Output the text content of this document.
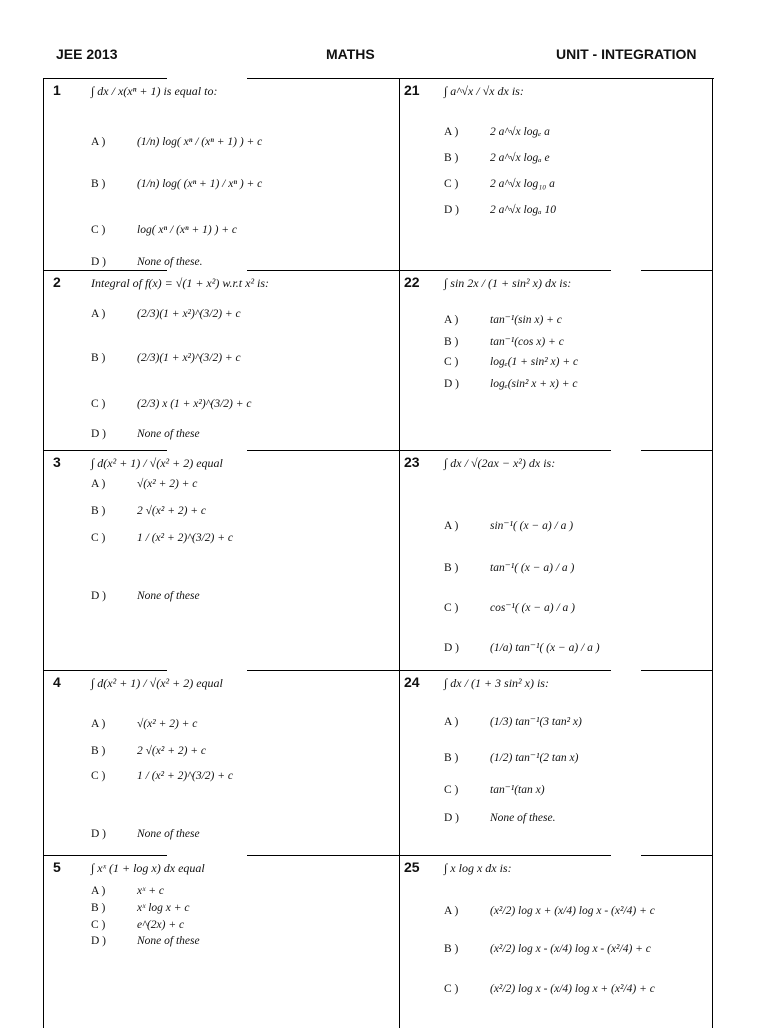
JEE 2013	MATHS	UNIT - INTEGRATION
1	∫ dx / x(xⁿ + 1) is equal to:
A )	(1/n) log( xⁿ / (xⁿ + 1) ) + c
B )	(1/n) log( (xⁿ + 1) / xⁿ ) + c
C )	log( xⁿ / (xⁿ + 1) ) + c
D )	None of these.
21 ∫ a^√x / √x dx is:
A )	2 a^√x logₑ a
B )	2 a^√x logₐ e
C )	2 a^√x log₁₀ a
D )	2 a^√x logₐ 10
2	Integral of f(x) = √(1 + x²) w.r.t x² is:
A )	(2/3)(1 + x²)^(3/2) + c
B )	(2/3)(1 + x²)^(3/2) + c
C )	(2/3) x (1 + x²)^(3/2) + c
D )	None of these
22 ∫ sin 2x / (1 + sin² x) dx is:
A )	tan⁻¹(sin x) + c
B )	tan⁻¹(cos x) + c
C )	logₑ(1 + sin² x) + c
D )	logₑ(sin² x + x) + c
3	∫ d(x² + 1) / √(x² + 2) equal
A )	√(x² + 2) + c
B )	2 √(x² + 2) + c
C )	1 / (x² + 2)^(3/2) + c
D )	None of these
23 ∫ dx / √(2ax − x²) dx is:
A )	sin⁻¹( (x − a) / a )
B )	tan⁻¹( (x − a) / a )
C )	cos⁻¹( (x − a) / a )
D )	(1/a) tan⁻¹( (x − a) / a )
4	∫ d(x² + 1) / √(x² + 2) equal
A )	√(x² + 2) + c
B )	2 √(x² + 2) + c
C )	1 / (x² + 2)^(3/2) + c
D )	None of these
24 ∫ dx / (1 + 3 sin² x) is:
A )	(1/3) tan⁻¹(3 tan² x)
B )	(1/2) tan⁻¹(2 tan x)
C )	tan⁻¹(tan x)
D )	None of these.
5	∫ xˣ (1 + log x) dx equal
A )	xˣ + c
B )	xˣ log x + c
C )	e^(2x) + c
D )	None of these
25 ∫ x log x dx is:
A )	(x²/2) log x + (x/4) log x - (x²/4) + c
B )	(x²/2) log x - (x/4) log x - (x²/4) + c
C )	(x²/2) log x - (x/4) log x + (x²/4) + c
